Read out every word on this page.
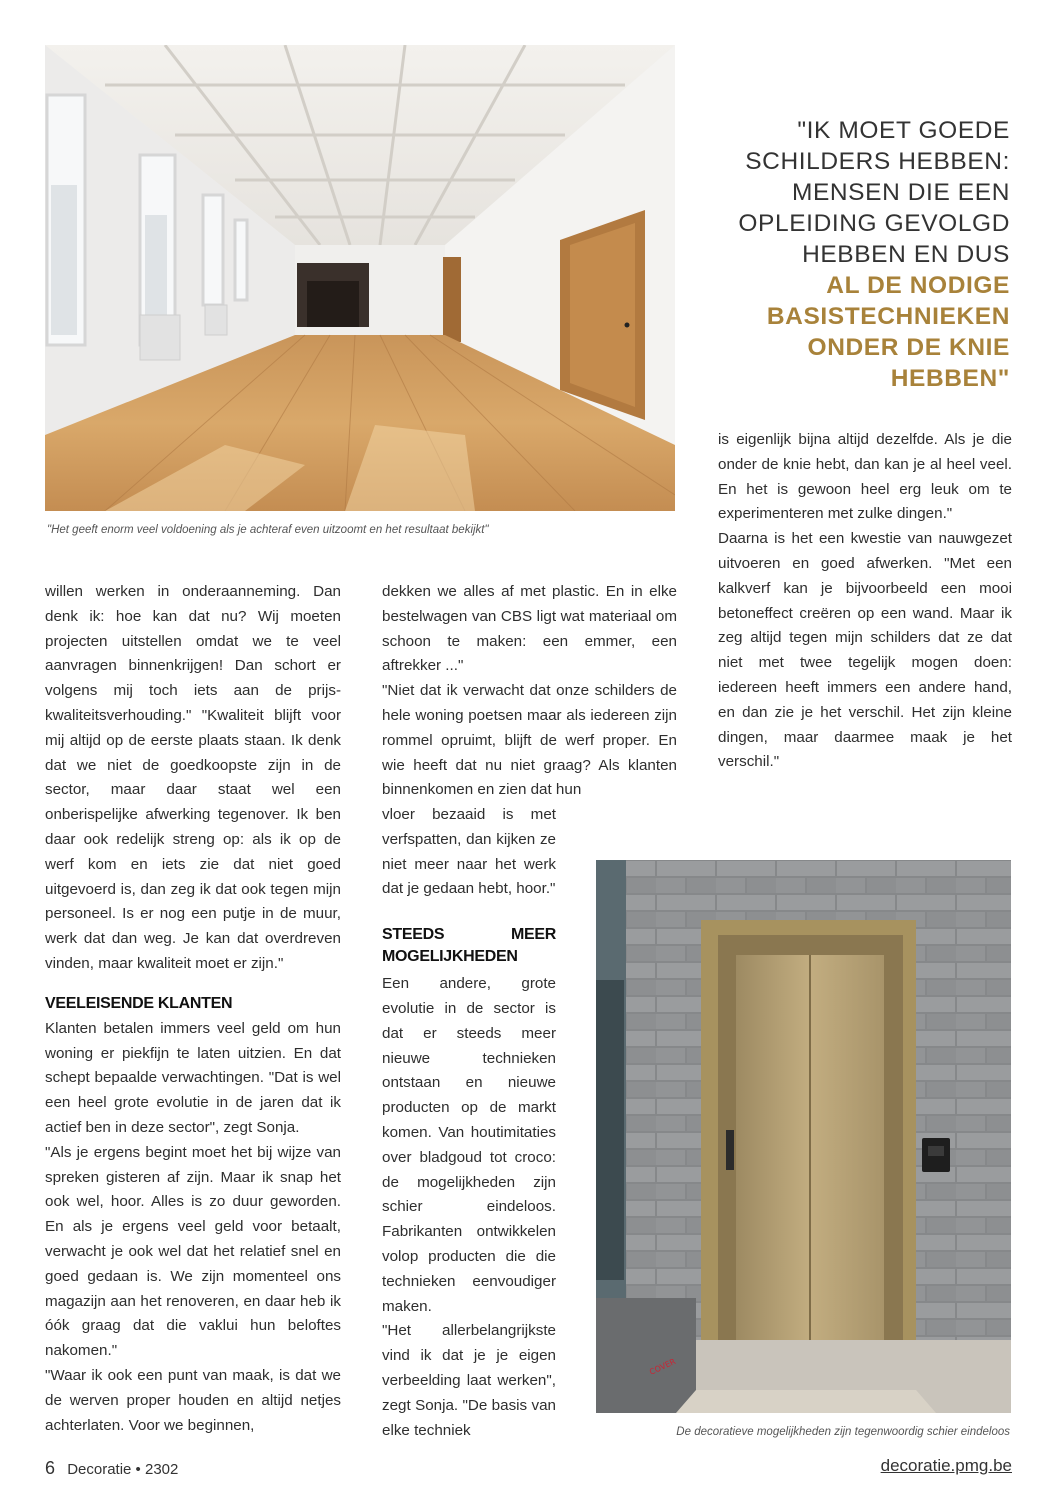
"Het geeft enorm veel voldoening als je achteraf even uitzoomt en het resultaat bekijkt"
"IK MOET GOEDE
SCHILDERS HEBBEN:
MENSEN DIE EEN
OPLEIDING GEVOLGD
HEBBEN EN DUS
AL DE NODIGE
BASISTECHNIEKEN
ONDER DE KNIE
HEBBEN"

willen werken in onderaanneming. Dan denk ik: hoe kan dat nu? Wij moeten projecten uitstellen omdat we te veel aanvragen binnenkrijgen! Dan schort er volgens mij toch iets aan de prijs-kwaliteitsverhouding." "Kwaliteit blijft voor mij altijd op de eerste plaats staan. Ik denk dat we niet de goedkoopste zijn in de sector, maar daar staat wel een onberispelijke afwerking tegenover. Ik ben daar ook redelijk streng op: als ik op de werf kom en iets zie dat niet goed uitgevoerd is, dan zeg ik dat ook tegen mijn personeel. Is er nog een putje in de muur, werk dat dan weg. Je kan dat overdreven vinden, maar kwaliteit moet er zijn."

VEELEISENDE KLANTEN

Klanten betalen immers veel geld om hun woning er piekfijn te laten uitzien. En dat schept bepaalde verwachtingen. "Dat is wel een heel grote evolutie in de jaren dat ik actief ben in deze sector", zegt Sonja.

"Als je ergens begint moet het bij wijze van spreken gisteren af zijn. Maar ik snap het ook wel, hoor. Alles is zo duur geworden. En als je ergens veel geld voor betaalt, verwacht je ook wel dat het relatief snel en goed gedaan is. We zijn momenteel ons magazijn aan het renoveren, en daar heb ik óók graag dat die vaklui hun beloftes nakomen."

"Waar ik ook een punt van maak, is dat we de werven proper houden en altijd netjes achterlaten. Voor we beginnen,

dekken we alles af met plastic. En in elke bestelwagen van CBS ligt wat materiaal om schoon te maken: een emmer, een aftrekker ..."

"Niet dat ik verwacht dat onze schilders de hele woning poetsen maar als iedereen zijn rommel opruimt, blijft de werf proper. En wie heeft dat nu niet graag? Als klanten binnenkomen en zien dat hun

vloer bezaaid is met verfspatten, dan kijken ze niet meer naar het werk dat je gedaan hebt, hoor."

STEEDS MEER MOGELIJKHEDEN

Een andere, grote evolutie in de sector is dat er steeds meer nieuwe technieken ontstaan en nieuwe producten op de markt komen. Van houtimitaties over bladgoud tot croco: de mogelijkheden zijn schier eindeloos. Fabrikanten ontwikkelen volop producten die die technieken eenvoudiger maken.

"Het allerbelangrijkste vind ik dat je je eigen verbeelding laat werken", zegt Sonja. "De basis van elke techniek

is eigenlijk bijna altijd dezelfde. Als je die onder de knie hebt, dan kan je al heel veel. En het is gewoon heel erg leuk om te experimenteren met zulke dingen."

Daarna is het een kwestie van nauwgezet uitvoeren en goed afwerken. "Met een kalkverf kan je bijvoorbeeld een mooi betoneffect creëren op een wand. Maar ik zeg altijd tegen mijn schilders dat ze dat niet met twee tegelijk mogen doen: iedereen heeft immers een andere hand, en dan zie je het verschil. Het zijn kleine dingen, maar daarmee maak je het verschil."

COVER
De decoratieve mogelijkheden zijn tegenwoordig schier eindeloos
6 Decoratie • 2302	decoratie.pmg.be
